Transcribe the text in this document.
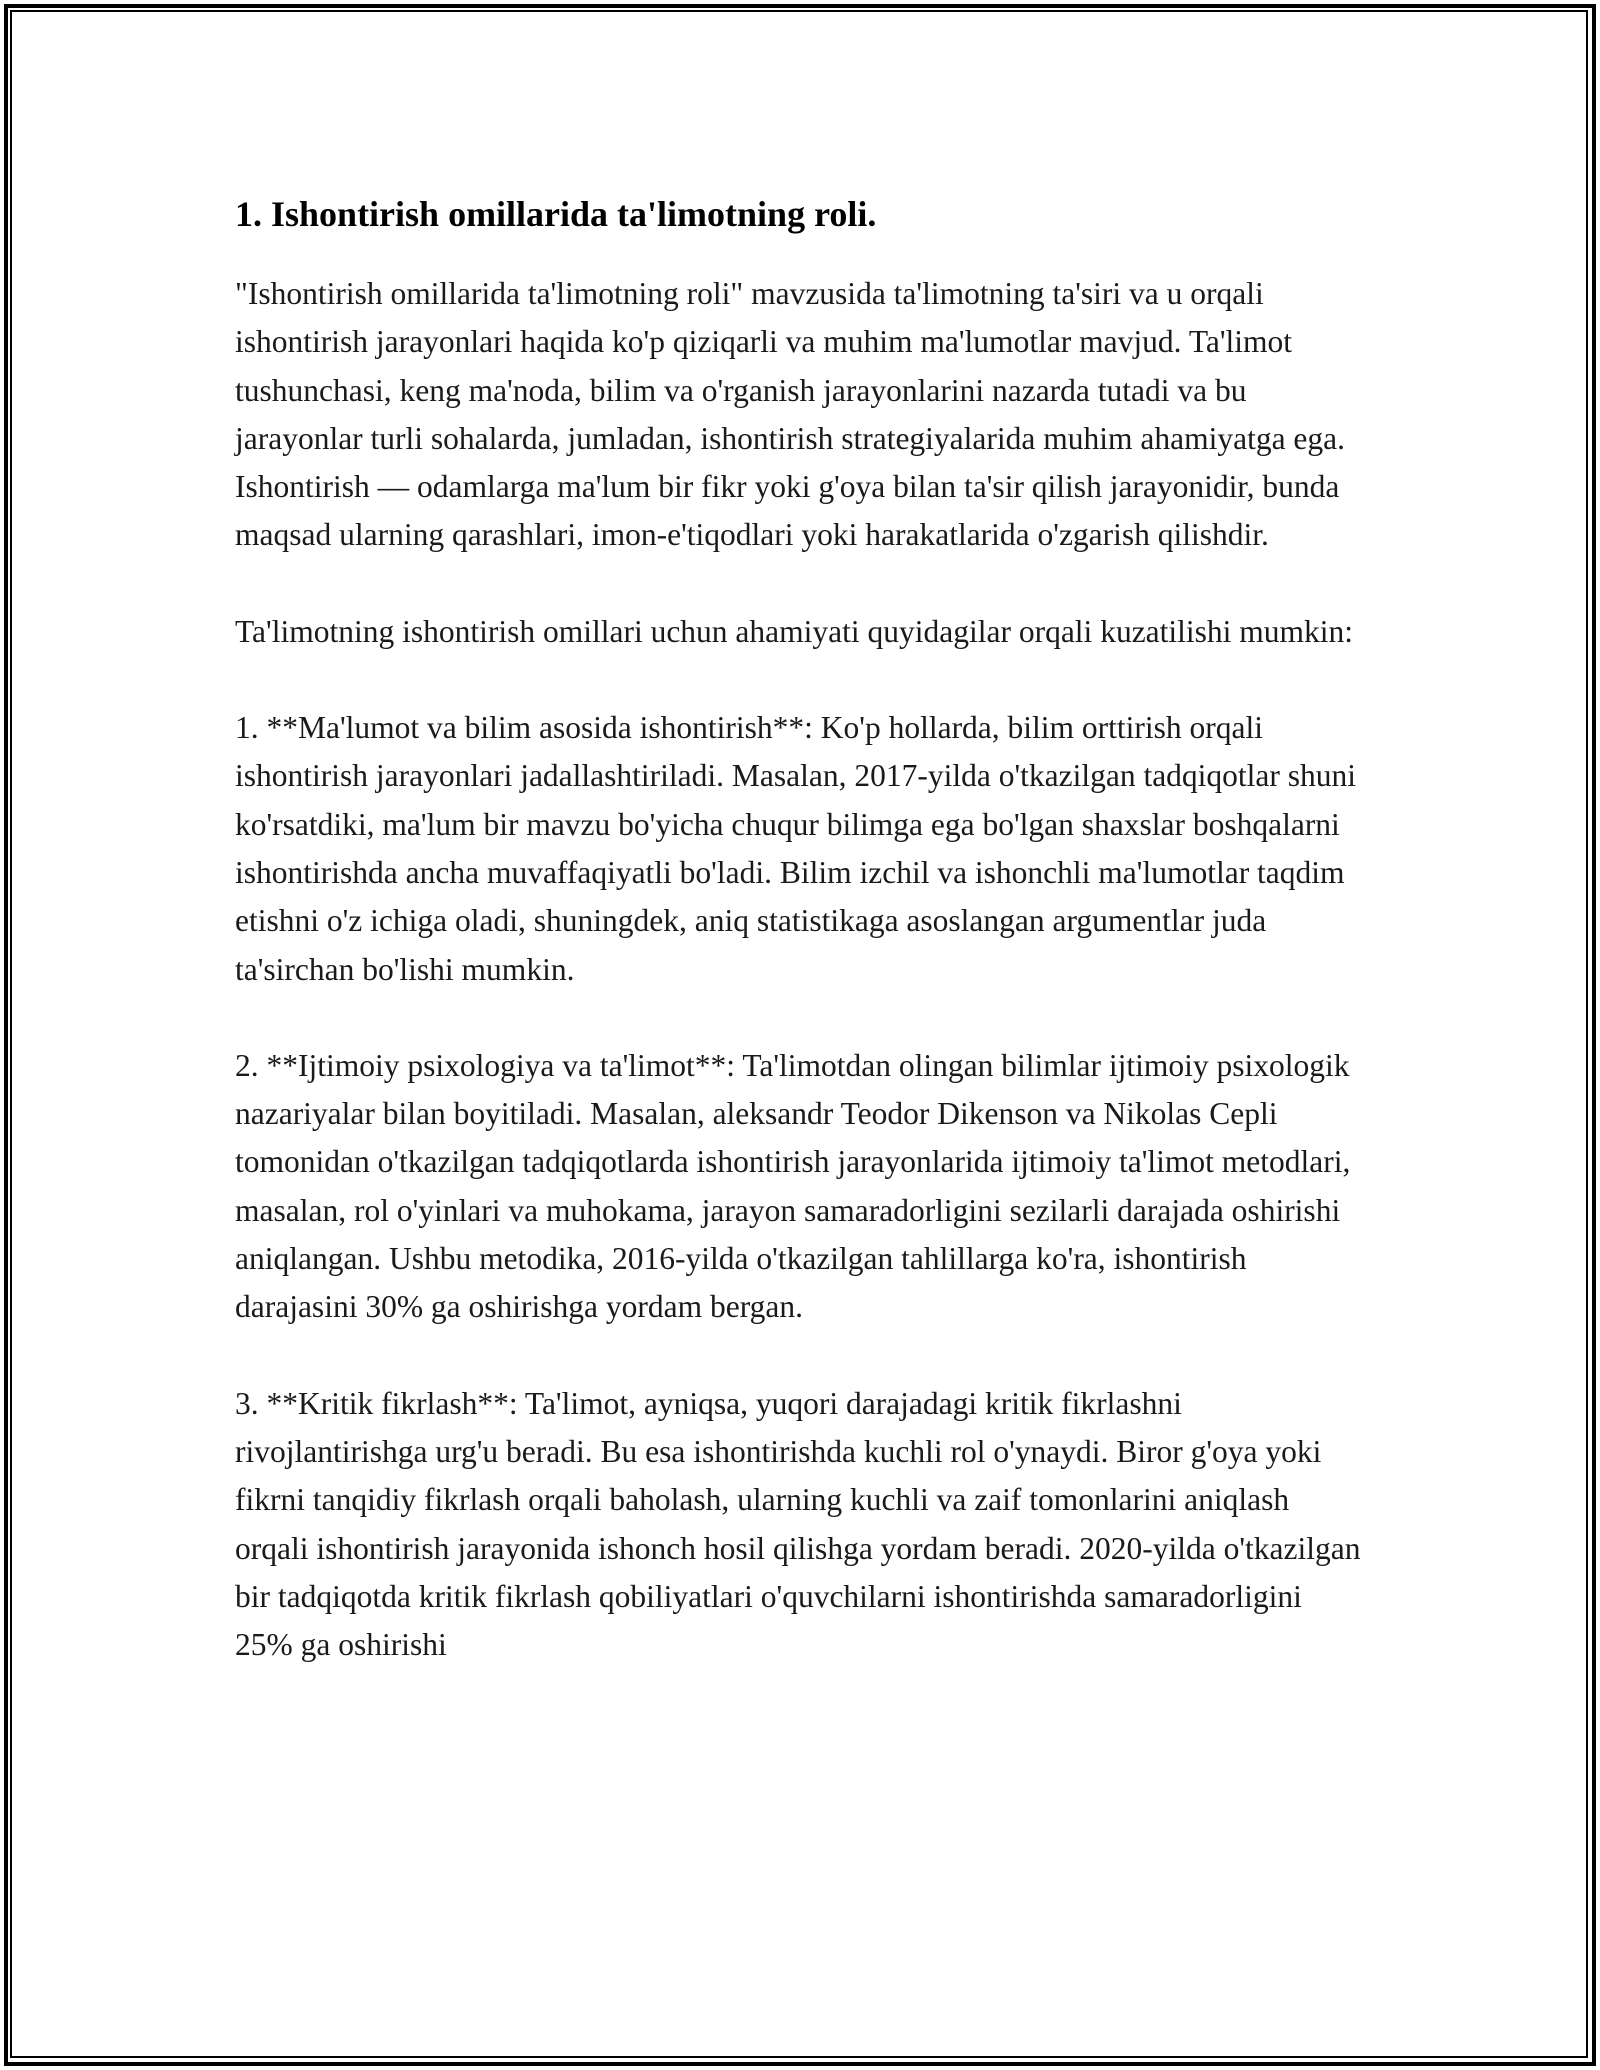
1. Ishontirish omillarida ta'limotning roli.

"Ishontirish omillarida ta'limotning roli" mavzusida ta'limotning ta'siri va u orqali ishontirish jarayonlari haqida ko'p qiziqarli va muhim ma'lumotlar mavjud. Ta'limot tushunchasi, keng ma'noda, bilim va o'rganish jarayonlarini nazarda tutadi va bu jarayonlar turli sohalarda, jumladan, ishontirish strategiyalarida muhim ahamiyatga ega. Ishontirish — odamlarga ma'lum bir fikr yoki g'oya bilan ta'sir qilish jarayonidir, bunda maqsad ularning qarashlari, imon-e'tiqodlari yoki harakatlarida o'zgarish qilishdir.

Ta'limotning ishontirish omillari uchun ahamiyati quyidagilar orqali kuzatilishi mumkin:

1. **Ma'lumot va bilim asosida ishontirish**: Ko'p hollarda, bilim orttirish orqali ishontirish jarayonlari jadallashtiriladi. Masalan, 2017-yilda o'tkazilgan tadqiqotlar shuni ko'rsatdiki, ma'lum bir mavzu bo'yicha chuqur bilimga ega bo'lgan shaxslar boshqalarni ishontirishda ancha muvaffaqiyatli bo'ladi. Bilim izchil va ishonchli ma'lumotlar taqdim etishni o'z ichiga oladi, shuningdek, aniq statistikaga asoslangan argumentlar juda ta'sirchan bo'lishi mumkin.

2. **Ijtimoiy psixologiya va ta'limot**: Ta'limotdan olingan bilimlar ijtimoiy psixologik nazariyalar bilan boyitiladi. Masalan, aleksandr Teodor Dikenson va Nikolas Cepli tomonidan o'tkazilgan tadqiqotlarda ishontirish jarayonlarida ijtimoiy ta'limot metodlari, masalan, rol o'yinlari va muhokama, jarayon samaradorligini sezilarli darajada oshirishi aniqlangan. Ushbu metodika, 2016-yilda o'tkazilgan tahlillarga ko'ra, ishontirish darajasini 30% ga oshirishga yordam bergan.

3. **Kritik fikrlash**: Ta'limot, ayniqsa, yuqori darajadagi kritik fikrlashni rivojlantirishga urg'u beradi. Bu esa ishontirishda kuchli rol o'ynaydi. Biror g'oya yoki fikrni tanqidiy fikrlash orqali baholash, ularning kuchli va zaif tomonlarini aniqlash orqali ishontirish jarayonida ishonch hosil qilishga yordam beradi. 2020-yilda o'tkazilgan bir tadqiqotda kritik fikrlash qobiliyatlari o'quvchilarni ishontirishda samaradorligini 25% ga oshirishi
